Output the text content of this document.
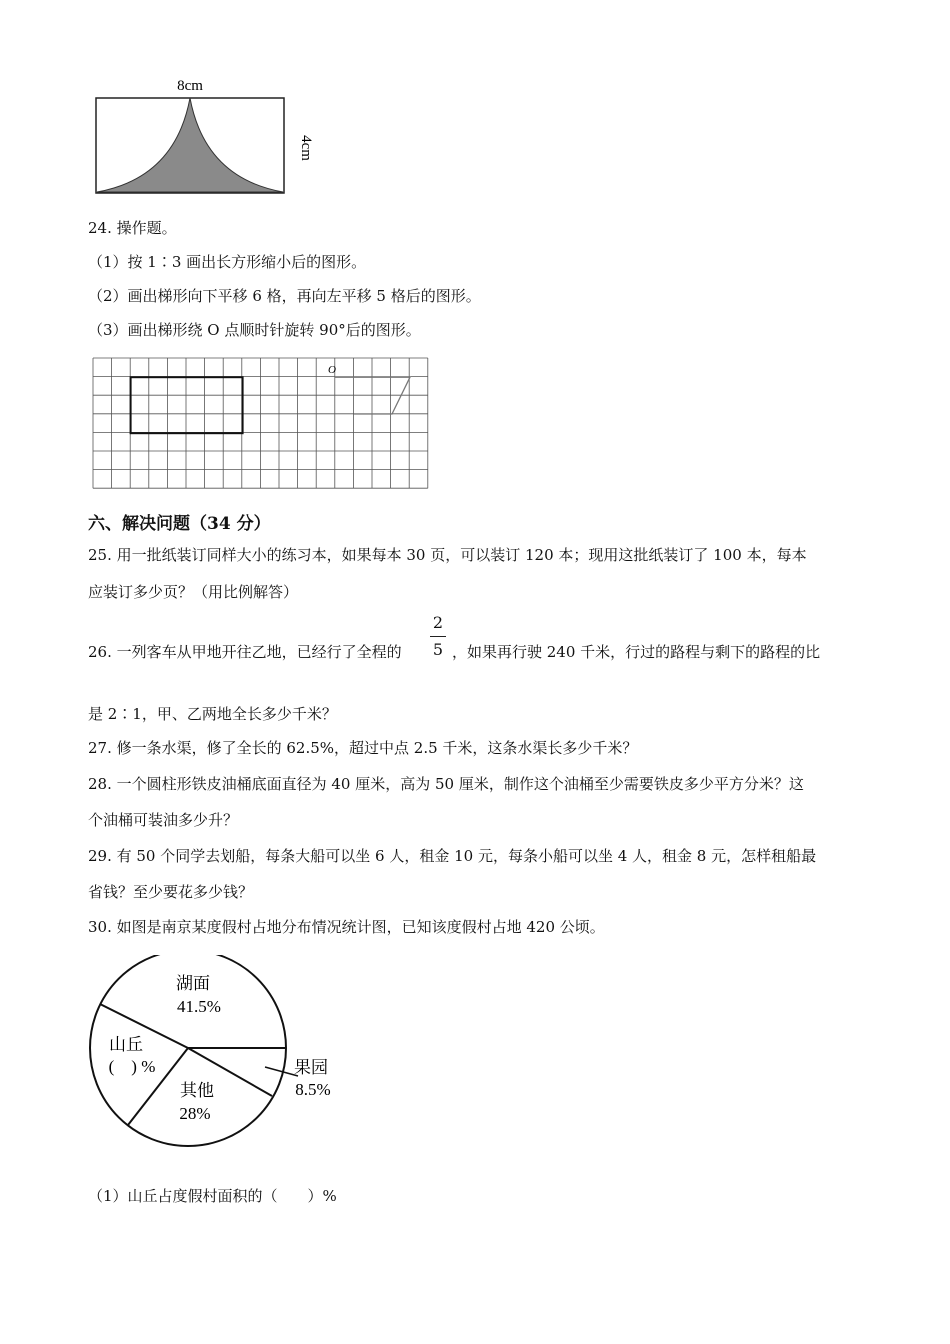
8cm
4cm
24. 操作题。
（1）按 1∶3 画出长方形缩小后的图形。
（2）画出梯形向下平移 6 格，再向左平移 5 格后的图形。
（3）画出梯形绕 O 点顺时针旋转 90°后的图形。
O
六、解决问题（34 分）
25. 用一批纸装订同样大小的练习本，如果每本 30 页，可以装订 120 本；现用这批纸装订了 100 本，每本
应装订多少页？（用比例解答）
26. 一列客车从甲地开往乙地，已经行了全程的
2
5 ，如果再行驶 240 千米，行过的路程与剩下的路程的比
是 2∶1，甲、乙两地全长多少千米？
27. 修一条水渠，修了全长的 62.5%，超过中点 2.5 千米，这条水渠长多少千米？
28. 一个圆柱形铁皮油桶底面直径为 40 厘米，高为 50 厘米，制作这个油桶至少需要铁皮多少平方分米？这
个油桶可装油多少升？
29. 有 50 个同学去划船，每条大船可以坐 6 人，租金 10 元，每条小船可以坐 4 人，租金 8 元，怎样租船最
省钱？至少要花多少钱？
30. 如图是南京某度假村占地分布情况统计图，已知该度假村占地 420 公顷。
湖面
41.5%
果园
8.5%
其他
28%
山丘
(　) %
（1）山丘占度假村面积的（　　）%
